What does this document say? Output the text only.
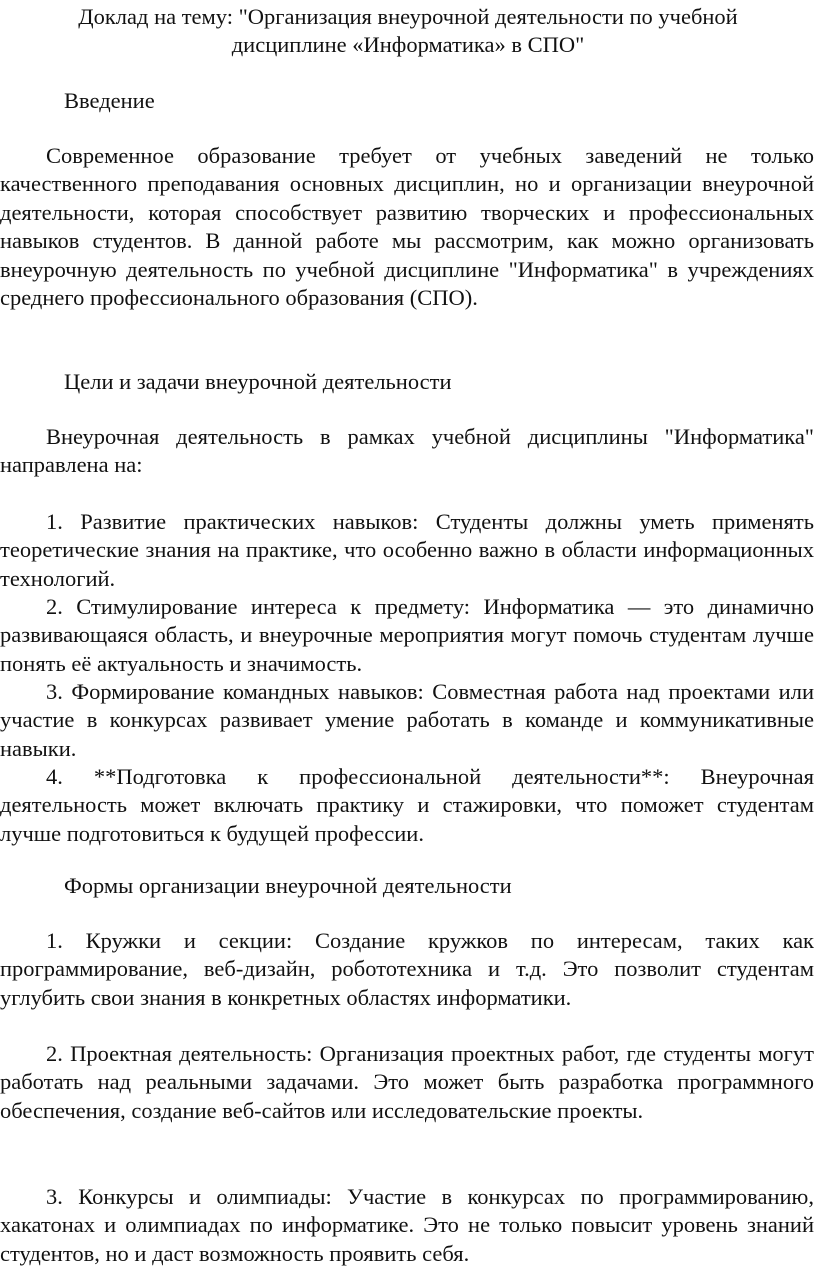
Доклад на тему: "Организация внеурочной деятельности по учебной
дисциплине «Информатика» в СПО"
Введение

Современное образование требует от учебных заведений не только качественного преподавания основных дисциплин, но и организации внеурочной деятельности, которая способствует развитию творческих и профессиональных навыков студентов. В данной работе мы рассмотрим, как можно организовать внеурочную деятельность по учебной дисциплине "Информатика" в учреждениях среднего профессионального образования (СПО).

Цели и задачи внеурочной деятельности

Внеурочная деятельность в рамках учебной дисциплины "Информатика" направлена на:

1. Развитие практических навыков: Студенты должны уметь применять теоретические знания на практике, что особенно важно в области информационных технологий.

2. Стимулирование интереса к предмету: Информатика — это динамично развивающаяся область, и внеурочные мероприятия могут помочь студентам лучше понять её актуальность и значимость.

3. Формирование командных навыков: Совместная работа над проектами или участие в конкурсах развивает умение работать в команде и коммуникативные навыки.

4. **Подготовка к профессиональной деятельности**: Внеурочная деятельность может включать практику и стажировки, что поможет студентам лучше подготовиться к будущей профессии.

Формы организации внеурочной деятельности

1. Кружки и секции: Создание кружков по интересам, таких как программирование, веб-дизайн, робототехника и т.д. Это позволит студентам углубить свои знания в конкретных областях информатики.

2. Проектная деятельность: Организация проектных работ, где студенты могут работать над реальными задачами. Это может быть разработка программного обеспечения, создание веб-сайтов или исследовательские проекты.

3. Конкурсы и олимпиады: Участие в конкурсах по программированию, хакатонах и олимпиадах по информатике. Это не только повысит уровень знаний студентов, но и даст возможность проявить себя.
